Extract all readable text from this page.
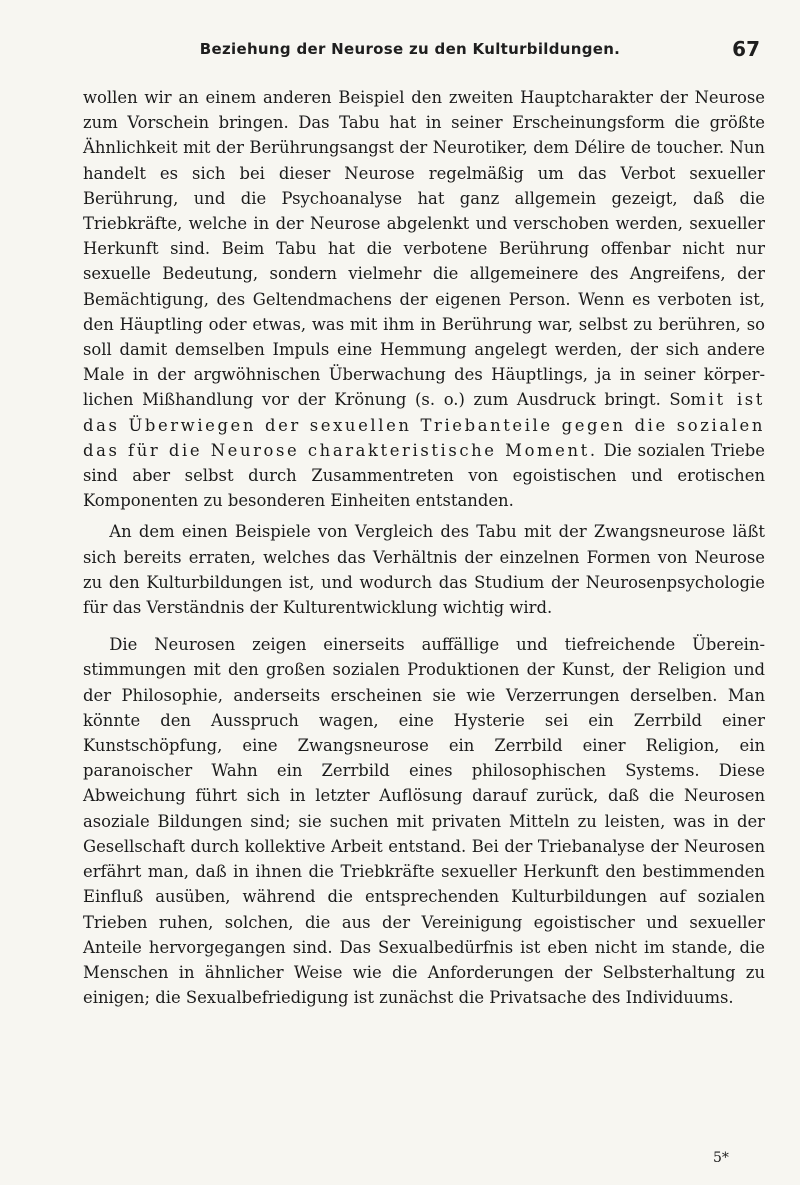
Beziehung der Neurose zu den Kulturbildungen.	67

wollen wir an einem anderen Beispiel den zweiten Hauptcharakter der Neurose zum Vorschein bringen. Das Tabu hat in seiner Erscheinungsform die größte Ähnlichkeit mit der Berührungsangst der Neurotiker, dem Délire de toucher. Nun handelt es sich bei dieser Neurose regelmäßig um das Verbot sexueller Berührung, und die Psychoanalyse hat ganz allgemein gezeigt, daß die Triebkräfte, welche in der Neurose abgelenkt und verschoben werden, sexueller Herkunft sind. Beim Tabu hat die verbotene Berührung offenbar nicht nur sexuelle Bedeutung, sondern vielmehr die allgemeinere des Angreifens, der Bemächtigung, des Geltendmachens der eigenen Person. Wenn es verboten ist, den Häuptling oder etwas, was mit ihm in Berührung war, selbst zu berühren, so soll damit demselben Impuls eine Hemmung angelegt werden, der sich andere Male in der argwöhnischen Überwachung des Häuptlings, ja in seiner körperlichen Mißhandlung vor der Krönung (s. o.) zum Ausdruck bringt. Somit ist das Überwiegen der sexuellen Triebanteile gegen die sozialen das für die Neurose charakteristische Moment. Die sozialen Triebe sind aber selbst durch Zusammentreten von egoistischen und erotischen Komponenten zu besonderen Einheiten entstanden.

An dem einen Beispiele von Vergleich des Tabu mit der Zwangsneurose läßt sich bereits erraten, welches das Verhältnis der einzelnen Formen von Neurose zu den Kulturbildungen ist, und wodurch das Studium der Neurosenpsychologie für das Verständnis der Kulturentwicklung wichtig wird.

Die Neurosen zeigen einerseits auffällige und tiefreichende Übereinstimmungen mit den großen sozialen Produktionen der Kunst, der Religion und der Philosophie, anderseits erscheinen sie wie Verzerrungen derselben. Man könnte den Ausspruch wagen, eine Hysterie sei ein Zerrbild einer Kunstschöpfung, eine Zwangsneurose ein Zerrbild einer Religion, ein paranoischer Wahn ein Zerrbild eines philosophischen Systems. Diese Abweichung führt sich in letzter Auflösung darauf zurück, daß die Neurosen asoziale Bildungen sind; sie suchen mit privaten Mitteln zu leisten, was in der Gesellschaft durch kollektive Arbeit entstand. Bei der Triebanalyse der Neurosen erfährt man, daß in ihnen die Triebkräfte sexueller Herkunft den bestimmenden Einfluß ausüben, während die entsprechenden Kulturbildungen auf sozialen Trieben ruhen, solchen, die aus der Vereinigung egoistischer und sexueller Anteile hervorgegangen sind. Das Sexualbedürfnis ist eben nicht im stande, die Menschen in ähnlicher Weise wie die Anforderungen der Selbsterhaltung zu einigen; die Sexualbefriedigung ist zunächst die Privatsache des Individuums.

5*
